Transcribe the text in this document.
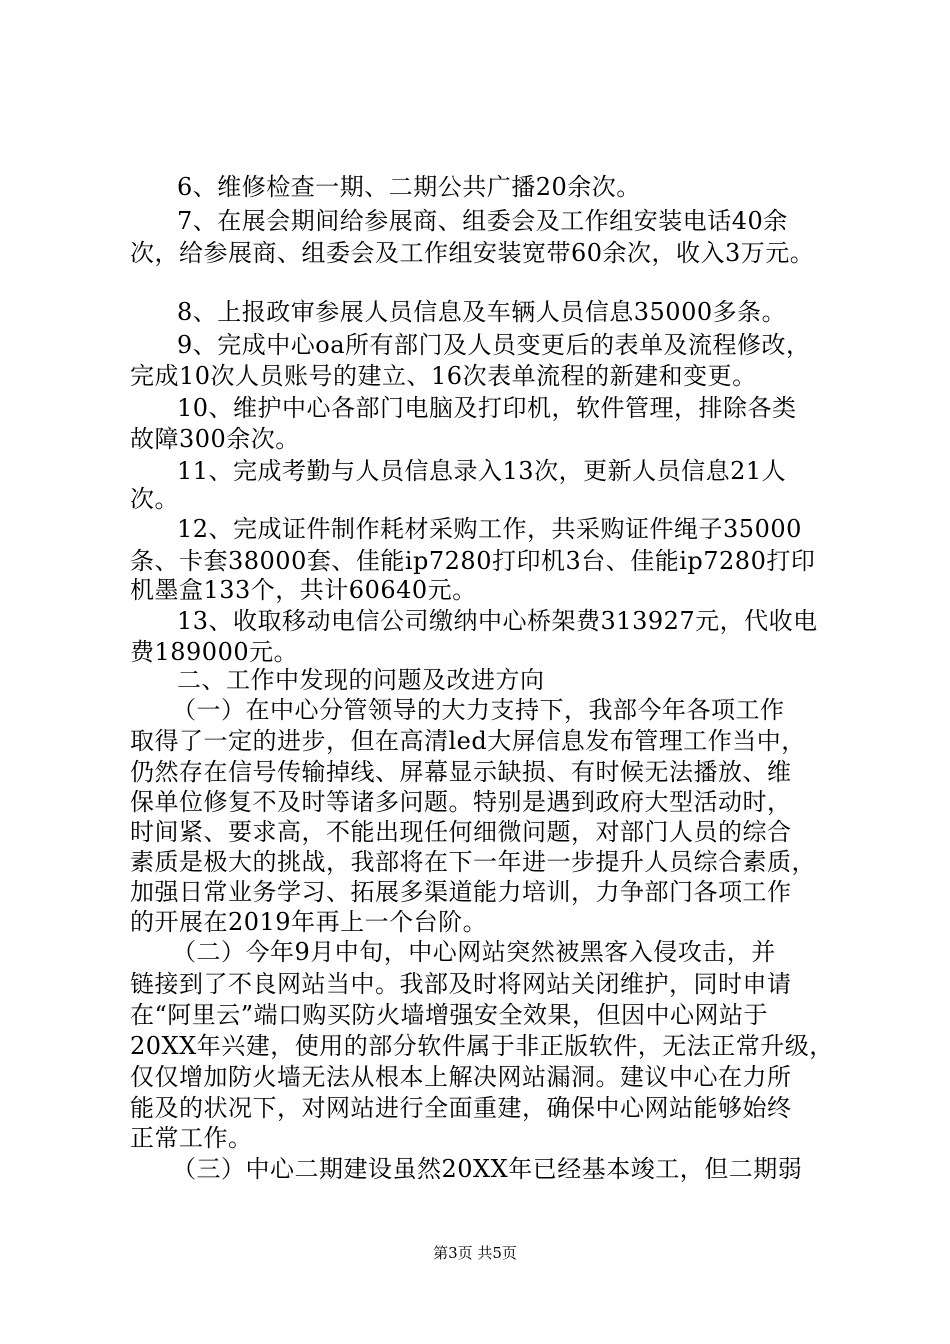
6、维修检查一期、二期公共广播20余次。
7、在展会期间给参展商、组委会及工作组安装电话40余
次，给参展商、组委会及工作组安装宽带60余次，收入3万元。
8、上报政审参展人员信息及车辆人员信息35000多条。
9、完成中心oa所有部门及人员变更后的表单及流程修改，
完成10次人员账号的建立、16次表单流程的新建和变更。
10、维护中心各部门电脑及打印机，软件管理，排除各类
故障300余次。
11、完成考勤与人员信息录入13次，更新人员信息21人
次。
12、完成证件制作耗材采购工作，共采购证件绳子35000
条、卡套38000套、佳能ip7280打印机3台、佳能ip7280打印
机墨盒133个，共计60640元。
13、收取移动电信公司缴纳中心桥架费313927元，代收电
费189000元。
二、工作中发现的问题及改进方向
（一）在中心分管领导的大力支持下，我部今年各项工作
取得了一定的进步，但在高清led大屏信息发布管理工作当中，
仍然存在信号传输掉线、屏幕显示缺损、有时候无法播放、维
保单位修复不及时等诸多问题。特别是遇到政府大型活动时，
时间紧、要求高，不能出现任何细微问题，对部门人员的综合
素质是极大的挑战，我部将在下一年进一步提升人员综合素质，
加强日常业务学习、拓展多渠道能力培训，力争部门各项工作
的开展在2019年再上一个台阶。
（二）今年9月中旬，中心网站突然被黑客入侵攻击，并
链接到了不良网站当中。我部及时将网站关闭维护，同时申请
在“阿里云”端口购买防火墙增强安全效果，但因中心网站于
20XX年兴建，使用的部分软件属于非正版软件，无法正常升级，
仅仅增加防火墙无法从根本上解决网站漏洞。建议中心在力所
能及的状况下，对网站进行全面重建，确保中心网站能够始终
正常工作。
（三）中心二期建设虽然20XX年已经基本竣工，但二期弱
第3页 共5页
